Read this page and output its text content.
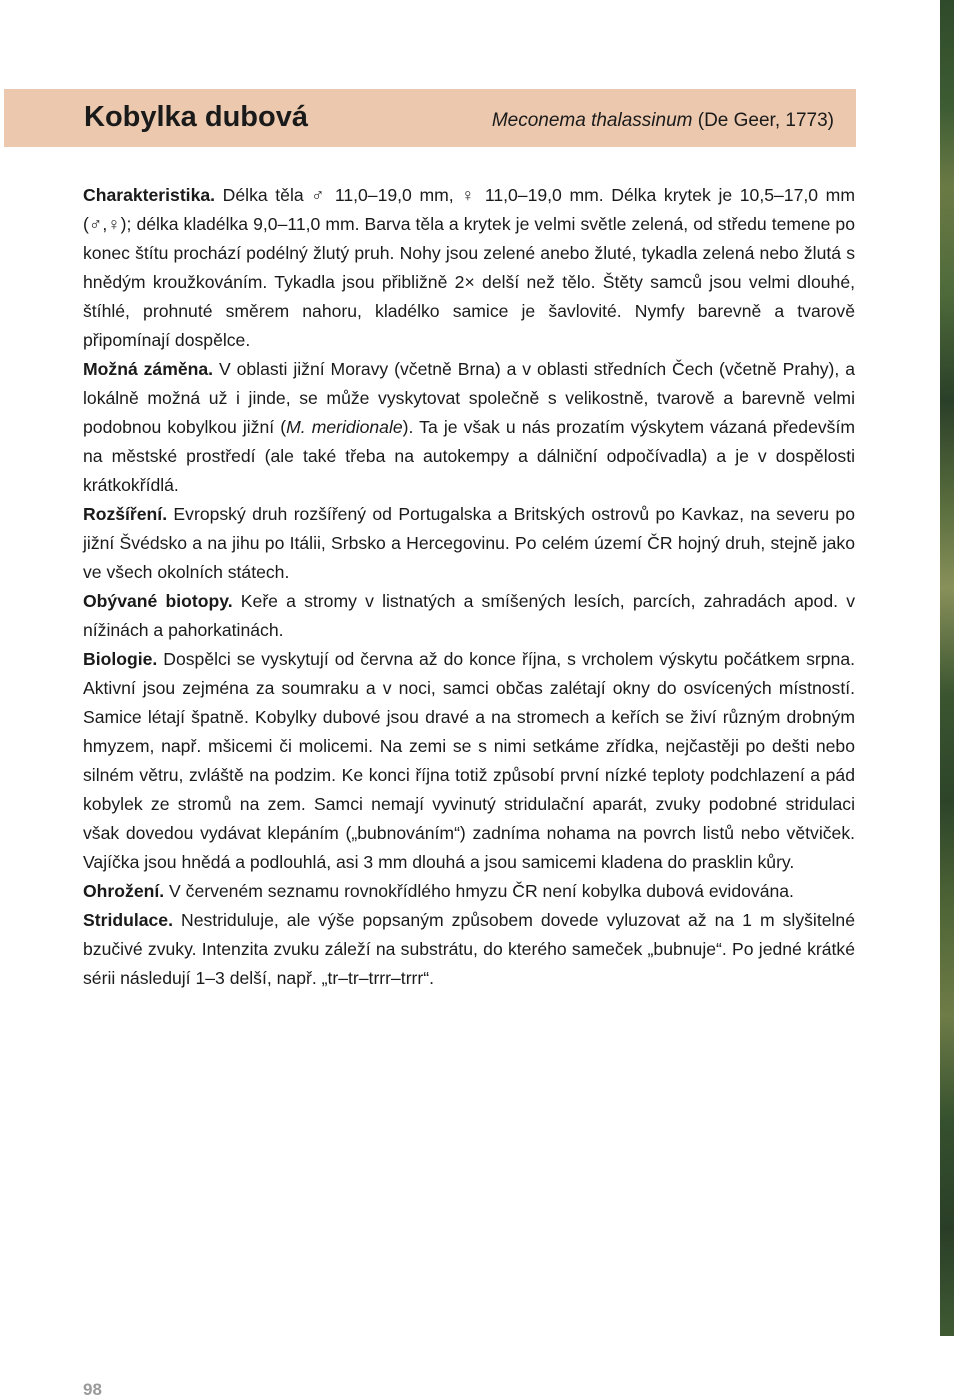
Kobylka dubová	Meconema thalassinum (De Geer, 1773)

Charakteristika. Délka těla ♂ 11,0–19,0 mm, ♀ 11,0–19,0 mm. Délka krytek je 10,5–17,0 mm (♂,♀); délka kladélka 9,0–11,0 mm. Barva těla a krytek je velmi světle zelená, od středu temene po konec štítu prochází podélný žlutý pruh. Nohy jsou zelené anebo žluté, tykadla zelená nebo žlutá s hnědým kroužkováním. Tykadla jsou přibližně 2× delší než tělo. Štěty samců jsou velmi dlouhé, štíhlé, prohnuté směrem nahoru, kladélko samice je šavlovité. Nymfy barevně a tvarově připomínají dospělce.

Možná záměna. V oblasti jižní Moravy (včetně Brna) a v oblasti středních Čech (včetně Prahy), a lokálně možná už i jinde, se může vyskytovat společně s velikostně, tvarově a barevně velmi podobnou kobylkou jižní (M. meridionale). Ta je však u nás prozatím výskytem vázaná především na městské prostředí (ale také třeba na autokempy a dálniční odpočívadla) a je v dospělosti krátkokřídlá.

Rozšíření. Evropský druh rozšířený od Portugalska a Britských ostrovů po Kavkaz, na severu po jižní Švédsko a na jihu po Itálii, Srbsko a Hercegovinu. Po celém území ČR hojný druh, stejně jako ve všech okolních státech.

Obývané biotopy. Keře a stromy v listnatých a smíšených lesích, parcích, zahradách apod. v nížinách a pahorkatinách.

Biologie. Dospělci se vyskytují od června až do konce října, s vrcholem výskytu počátkem srpna. Aktivní jsou zejména za soumraku a v noci, samci občas zalétají okny do osvícených místností. Samice létají špatně. Kobylky dubové jsou dravé a na stromech a keřích se živí různým drobným hmyzem, např. mšicemi či molicemi. Na zemi se s nimi setkáme zřídka, nejčastěji po dešti nebo silném větru, zvláště na podzim. Ke konci října totiž způsobí první nízké teploty podchlazení a pád kobylek ze stromů na zem. Samci nemají vyvinutý stridulační aparát, zvuky podobné stridulaci však dovedou vydávat klepáním („bubnováním“) zadníma nohama na povrch listů nebo větviček. Vajíčka jsou hnědá a podlouhlá, asi 3 mm dlouhá a jsou samicemi kladena do prasklin kůry.

Ohrožení. V červeném seznamu rovnokřídlého hmyzu ČR není kobylka dubová evidována.

Stridulace. Nestriduluje, ale výše popsaným způsobem dovede vyluzovat až na 1 m slyšitelné bzučivé zvuky. Intenzita zvuku záleží na substrátu, do kterého sameček „bubnuje“. Po jedné krátké sérii následují 1–3 delší, např. „tr–tr–trrr–trrr“.

98
